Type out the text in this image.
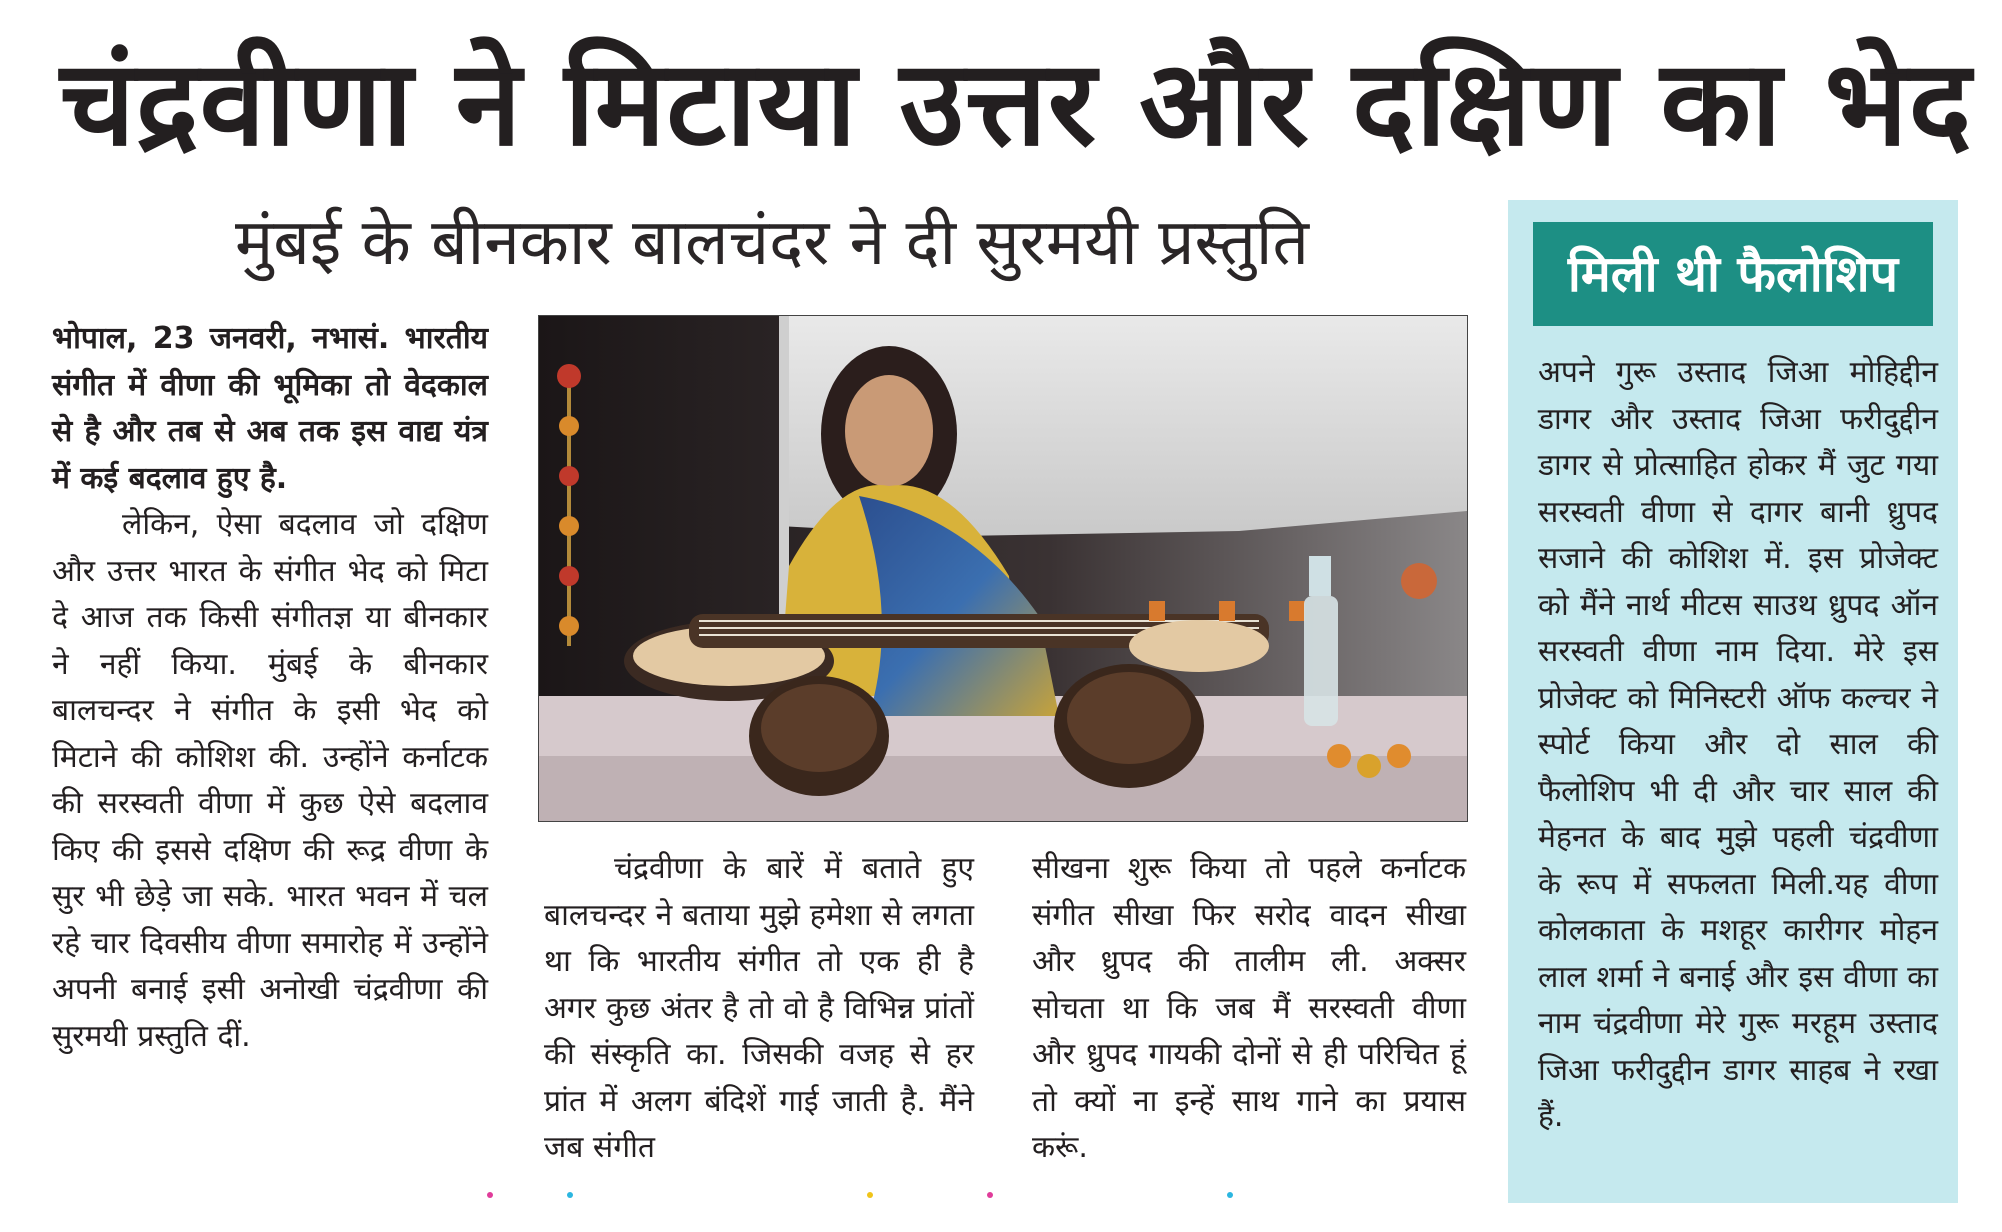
चंद्रवीणा ने मिटाया उत्तर और दक्षिण का भेद
मुंबई के बीनकार बालचंदर ने दी सुरमयी प्रस्तुति

भोपाल, 23 जनवरी, नभासं. भारतीय संगीत में वीणा की भूमिका तो वेदकाल से है और तब से अब तक इस वाद्य यंत्र में कई बदलाव हुए है.

लेकिन, ऐसा बदलाव जो दक्षिण और उत्तर भारत के संगीत भेद को मिटा दे आज तक किसी संगीतज्ञ या बीनकार ने नहीं किया. मुंबई के बीनकार बालचन्दर ने संगीत के इसी भेद को मिटाने की कोशिश की. उन्होंने कर्नाटक की सरस्वती वीणा में कुछ ऐसे बदलाव किए की इससे दक्षिण की रूद्र वीणा के सुर भी छेड़े जा सके. भारत भवन में चल रहे चार दिवसीय वीणा समारोह में उन्होंने अपनी बनाई इसी अनोखी चंद्रवीणा की सुरमयी प्रस्तुति दीं.

चंद्रवीणा के बारें में बताते हुए बालचन्दर ने बताया मुझे हमेशा से लगता था कि भारतीय संगीत तो एक ही है अगर कुछ अंतर है तो वो है विभिन्न प्रांतों की संस्कृति का. जिसकी वजह से हर प्रांत में अलग बंदिशें गाई जाती है. मैंने जब संगीत

सीखना शुरू किया तो पहले कर्नाटक संगीत सीखा फिर सरोद वादन सीखा और ध्रुपद की तालीम ली. अक्सर सोचता था कि जब मैं सरस्वती वीणा और ध्रुपद गायकी दोनों से ही परिचित हूं तो क्यों ना इन्हें साथ गाने का प्रयास करूं.

मिली थी फैलोशिप

अपने गुरू उस्ताद जिआ मोहिद्दीन डागर और उस्ताद जिआ फरीदुद्दीन डागर से प्रोत्साहित होकर मैं जुट गया सरस्वती वीणा से दागर बानी ध्रुपद सजाने की कोशिश में. इस प्रोजेक्ट को मैंने नार्थ मीटस साउथ ध्रुपद ऑन सरस्वती वीणा नाम दिया. मेरे इस प्रोजेक्ट को मिनिस्टरी ऑफ कल्चर ने स्पोर्ट किया और दो साल की फैलोशिप भी दी और चार साल की मेहनत के बाद मुझे पहली चंद्रवीणा के रूप में सफलता मिली.यह वीणा कोलकाता के मशहूर कारीगर मोहन लाल शर्मा ने बनाई और इस वीणा का नाम चंद्रवीणा मेरे गुरू मरहूम उस्ताद जिआ फरीदुद्दीन डागर साहब ने रखा हैं.
